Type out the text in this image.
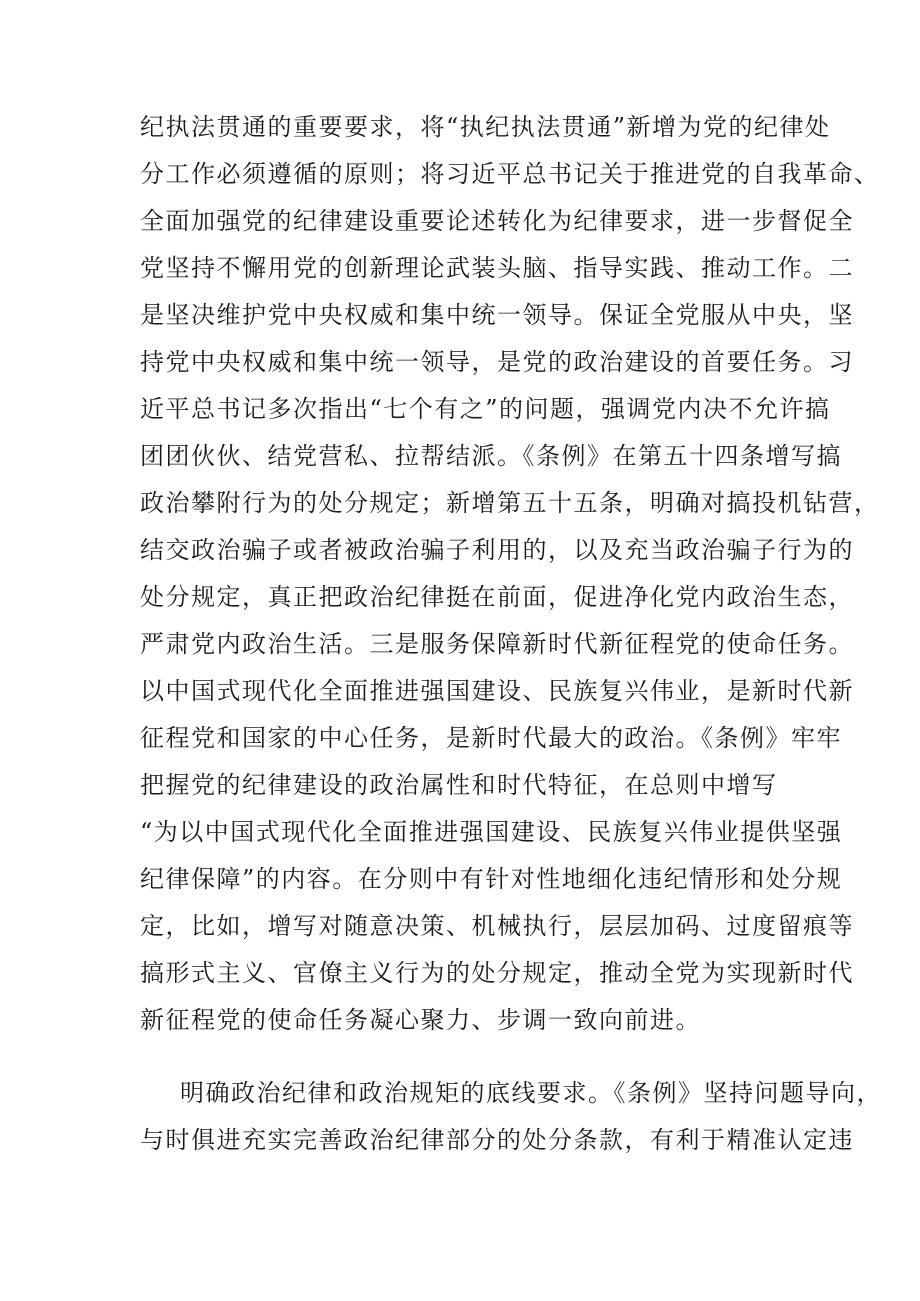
纪执法贯通的重要要求，将“执纪执法贯通”新增为党的纪律处
分工作必须遵循的原则；将习近平总书记关于推进党的自我革命、
全面加强党的纪律建设重要论述转化为纪律要求，进一步督促全
党坚持不懈用党的创新理论武装头脑、指导实践、推动工作。二
是坚决维护党中央权威和集中统一领导。保证全党服从中央，坚
持党中央权威和集中统一领导，是党的政治建设的首要任务。习
近平总书记多次指出“七个有之”的问题，强调党内决不允许搞
团团伙伙、结党营私、拉帮结派。《条例》在第五十四条增写搞
政治攀附行为的处分规定；新增第五十五条，明确对搞投机钻营，
结交政治骗子或者被政治骗子利用的，以及充当政治骗子行为的
处分规定，真正把政治纪律挺在前面，促进净化党内政治生态，
严肃党内政治生活。三是服务保障新时代新征程党的使命任务。
以中国式现代化全面推进强国建设、民族复兴伟业，是新时代新
征程党和国家的中心任务，是新时代最大的政治。《条例》牢牢
把握党的纪律建设的政治属性和时代特征，在总则中增写
“为以中国式现代化全面推进强国建设、民族复兴伟业提供坚强
纪律保障”的内容。在分则中有针对性地细化违纪情形和处分规
定，比如，增写对随意决策、机械执行，层层加码、过度留痕等
搞形式主义、官僚主义行为的处分规定，推动全党为实现新时代
新征程党的使命任务凝心聚力、步调一致向前进。
明确政治纪律和政治规矩的底线要求。《条例》坚持问题导向，
与时俱进充实完善政治纪律部分的处分条款，有利于精准认定违
